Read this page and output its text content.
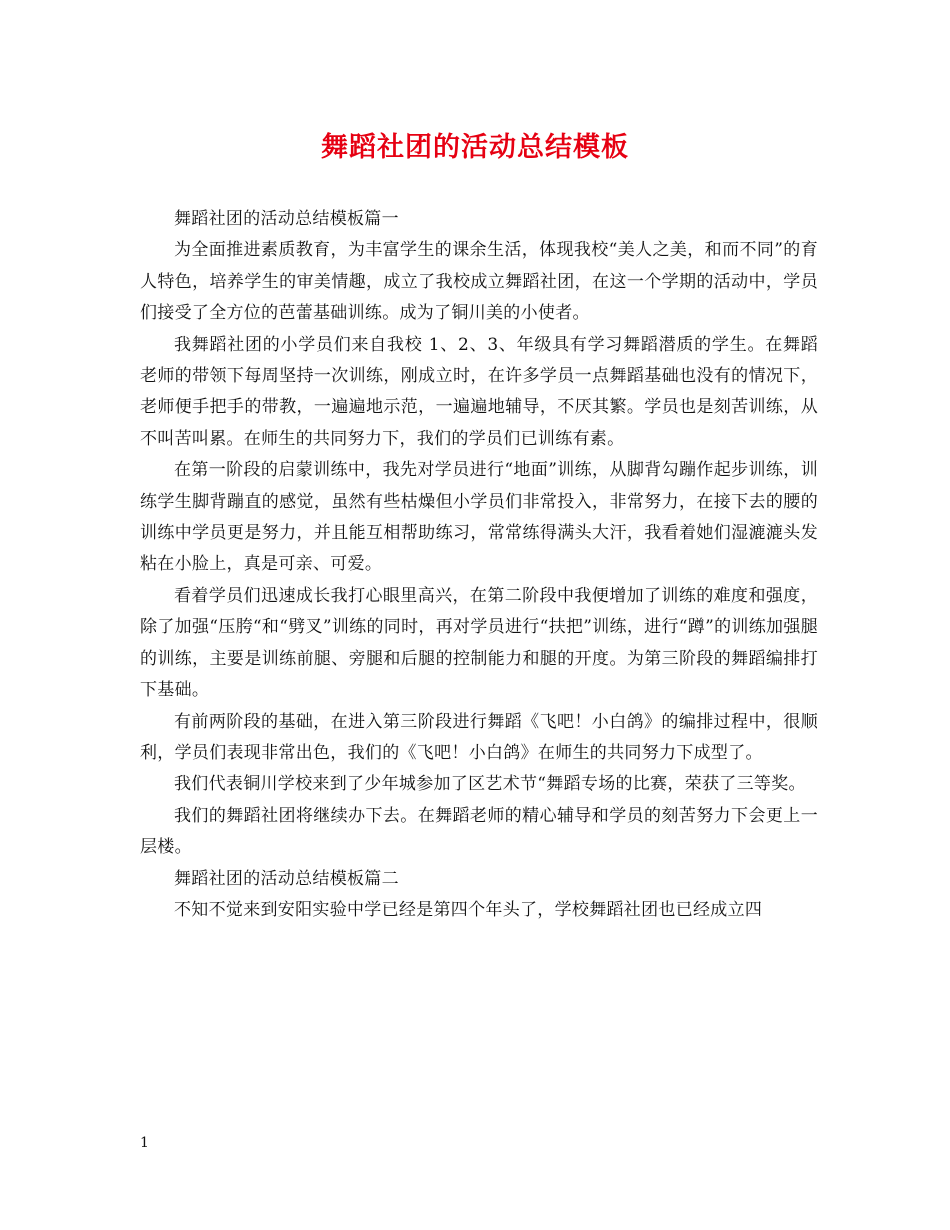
舞蹈社团的活动总结模板

舞蹈社团的活动总结模板篇一

为全面推进素质教育，为丰富学生的课余生活，体现我校“美人之美，和而不同”的育人特色，培养学生的审美情趣，成立了我校成立舞蹈社团，在这一个学期的活动中，学员们接受了全方位的芭蕾基础训练。成为了铜川美的小使者。

我舞蹈社团的小学员们来自我校 1、2、3、年级具有学习舞蹈潜质的学生。在舞蹈老师的带领下每周坚持一次训练，刚成立时，在许多学员一点舞蹈基础也没有的情况下，老师便手把手的带教，一遍遍地示范，一遍遍地辅导，不厌其繁。学员也是刻苦训练，从不叫苦叫累。在师生的共同努力下，我们的学员们已训练有素。

在第一阶段的启蒙训练中，我先对学员进行“地面”训练，从脚背勾蹦作起步训练，训练学生脚背蹦直的感觉，虽然有些枯燥但小学员们非常投入，非常努力，在接下去的腰的训练中学员更是努力，并且能互相帮助练习，常常练得满头大汗，我看着她们湿漉漉头发粘在小脸上，真是可亲、可爱。

看着学员们迅速成长我打心眼里高兴，在第二阶段中我便增加了训练的难度和强度，除了加强“压胯“和“劈叉”训练的同时，再对学员进行“扶把”训练，进行“蹲”的训练加强腿的训练，主要是训练前腿、旁腿和后腿的控制能力和腿的开度。为第三阶段的舞蹈编排打下基础。

有前两阶段的基础，在进入第三阶段进行舞蹈《飞吧！小白鸽》的编排过程中，很顺利，学员们表现非常出色，我们的《飞吧！小白鸽》在师生的共同努力下成型了。

我们代表铜川学校来到了少年城参加了区艺术节“舞蹈专场的比赛，荣获了三等奖。

我们的舞蹈社团将继续办下去。在舞蹈老师的精心辅导和学员的刻苦努力下会更上一层楼。

舞蹈社团的活动总结模板篇二

不知不觉来到安阳实验中学已经是第四个年头了，学校舞蹈社团也已经成立四

1
